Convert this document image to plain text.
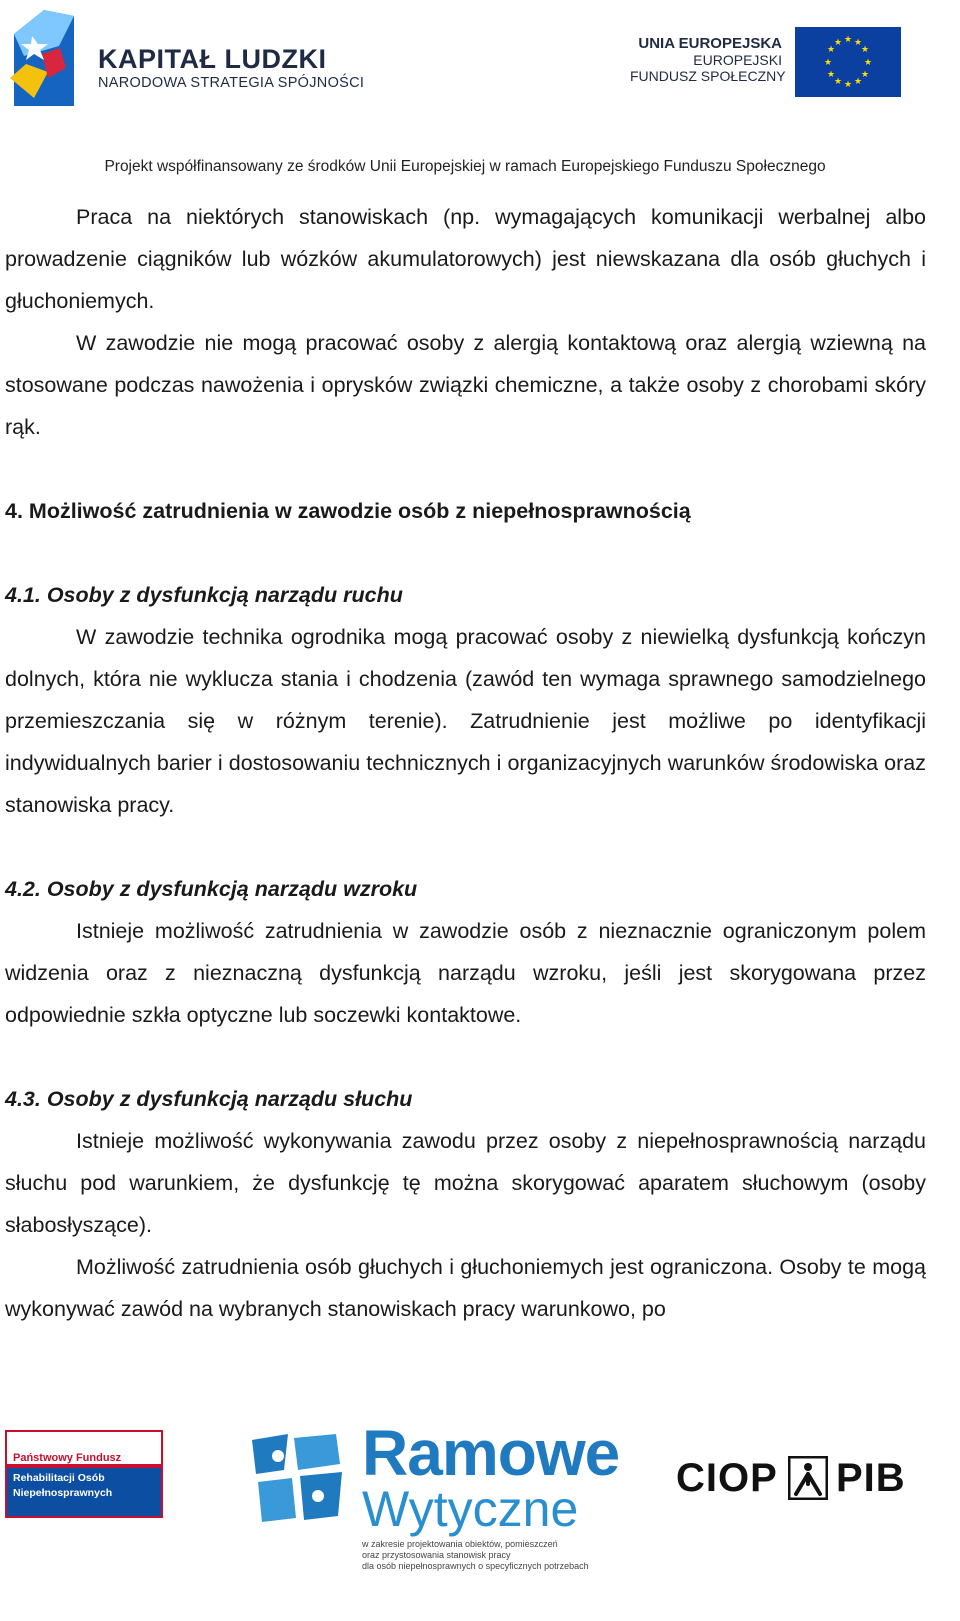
KAPITAŁ LUDZKI
NARODOWA STRATEGIA SPÓJNOŚCI
UNIA EUROPEJSKA
EUROPEJSKI
FUNDUSZ SPOŁECZNY
★ ★
★
★
★
★
★
★
★
★
★
★
Projekt współfinansowany ze środków Unii Europejskiej w ramach Europejskiego Funduszu Społecznego

Praca na niektórych stanowiskach (np. wymagających komunikacji werbalnej albo prowadzenie ciągników lub wózków akumulatorowych) jest niewskazana dla osób głuchych i głuchoniemych.

W zawodzie nie mogą pracować osoby z alergią kontaktową oraz alergią wziewną na stosowane podczas nawożenia i oprysków związki chemiczne, a także osoby z chorobami skóry rąk.

4. Możliwość zatrudnienia w zawodzie osób z niepełnosprawnością

4.1. Osoby z dysfunkcją narządu ruchu

W zawodzie technika ogrodnika mogą pracować osoby z niewielką dysfunkcją kończyn dolnych, która nie wyklucza stania i chodzenia (zawód ten wymaga sprawnego samodzielnego przemieszczania się w różnym terenie). Zatrudnienie jest możliwe po identyfikacji indywidualnych barier i dostosowaniu technicznych i organizacyjnych warunków środowiska oraz stanowiska pracy.

4.2. Osoby z dysfunkcją narządu wzroku

Istnieje możliwość zatrudnienia w zawodzie osób z nieznacznie ograniczonym polem widzenia oraz z nieznaczną dysfunkcją narządu wzroku, jeśli jest skorygowana przez odpowiednie szkła optyczne lub soczewki kontaktowe.

4.3. Osoby z dysfunkcją narządu słuchu

Istnieje możliwość wykonywania zawodu przez osoby z niepełnosprawnością narządu słuchu pod warunkiem, że dysfunkcję tę można skorygować aparatem słuchowym (osoby słabosłyszące).

Możliwość zatrudnienia osób głuchych i głuchoniemych jest ograniczona. Osoby te mogą wykonywać zawód na wybranych stanowiskach pracy warunkowo, po

Państwowy Fundusz
Rehabilitacji Osób
Niepełnosprawnych
Ramowe
Wytyczne
w zakresie projektowania obiektów, pomieszczeń
oraz przystosowania stanowisk pracy
dla osób niepełnosprawnych o specyficznych potrzebach
CIOP PIB
